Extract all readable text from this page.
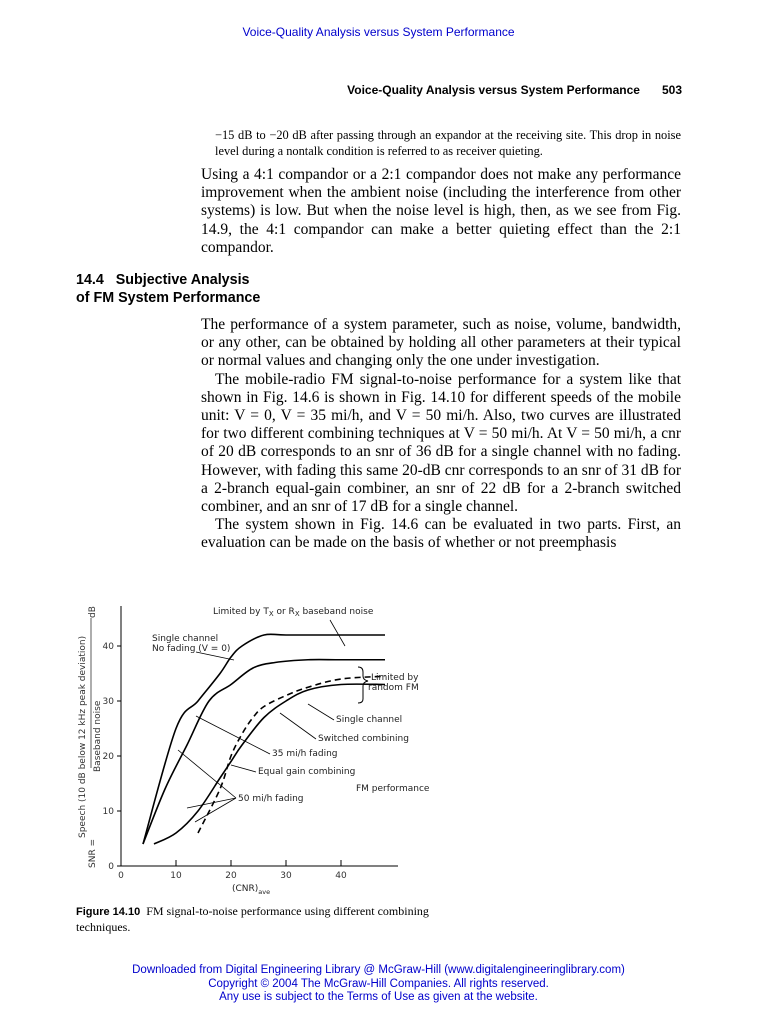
Voice-Quality Analysis versus System Performance
Voice-Quality Analysis versus System Performance 503
−15 dB to −20 dB after passing through an expandor at the receiving site. This drop in noise level during a nontalk condition is referred to as receiver quieting.

Using a 4:1 compandor or a 2:1 compandor does not make any performance improvement when the ambient noise (including the interference from other systems) is low. But when the noise level is high, then, as we see from Fig. 14.9, the 4:1 compandor can make a better quieting effect than the 2:1 compandor.

14.4 Subjective Analysis
of FM System Performance

The performance of a system parameter, such as noise, volume, bandwidth, or any other, can be obtained by holding all other parameters at their typical or normal values and changing only the one under investigation.

The mobile-radio FM signal-to-noise performance for a system like that shown in Fig. 14.6 is shown in Fig. 14.10 for different speeds of the mobile unit: V = 0, V = 35 mi/h, and V = 50 mi/h. Also, two curves are illustrated for two different combining techniques at V = 50 mi/h. At V = 50 mi/h, a cnr of 20 dB corresponds to an snr of 36 dB for a single channel with no fading. However, with fading this same 20-dB cnr corresponds to an snr of 31 dB for a 2-branch equal-gain combiner, an snr of 22 dB for a 2-branch switched combiner, and an snr of 17 dB for a single channel.

The system shown in Fig. 14.6 can be evaluated in two parts. First, an evaluation can be made on the basis of whether or not preemphasis

0
10
20
30
40
0	10	20	30	40
dB
SNR =
Speech (10 dB below 12 kHz peak deviation) Baseband noise
Limited by $T_X$ or $R_X$ baseband noise
Single channel
No fading (V = 0)
Limited by
random FM
Single channel
Switched combining
35 mi/h fading
Equal gain combining
FM performance
50 mi/h fading
$(CNR)_{ave}$
Figure 14.10 FM signal-to-noise performance using different combining techniques.
Downloaded from Digital Engineering Library @ McGraw-Hill (www.digitalengineeringlibrary.com)
Copyright © 2004 The McGraw-Hill Companies. All rights reserved.
Any use is subject to the Terms of Use as given at the website.
